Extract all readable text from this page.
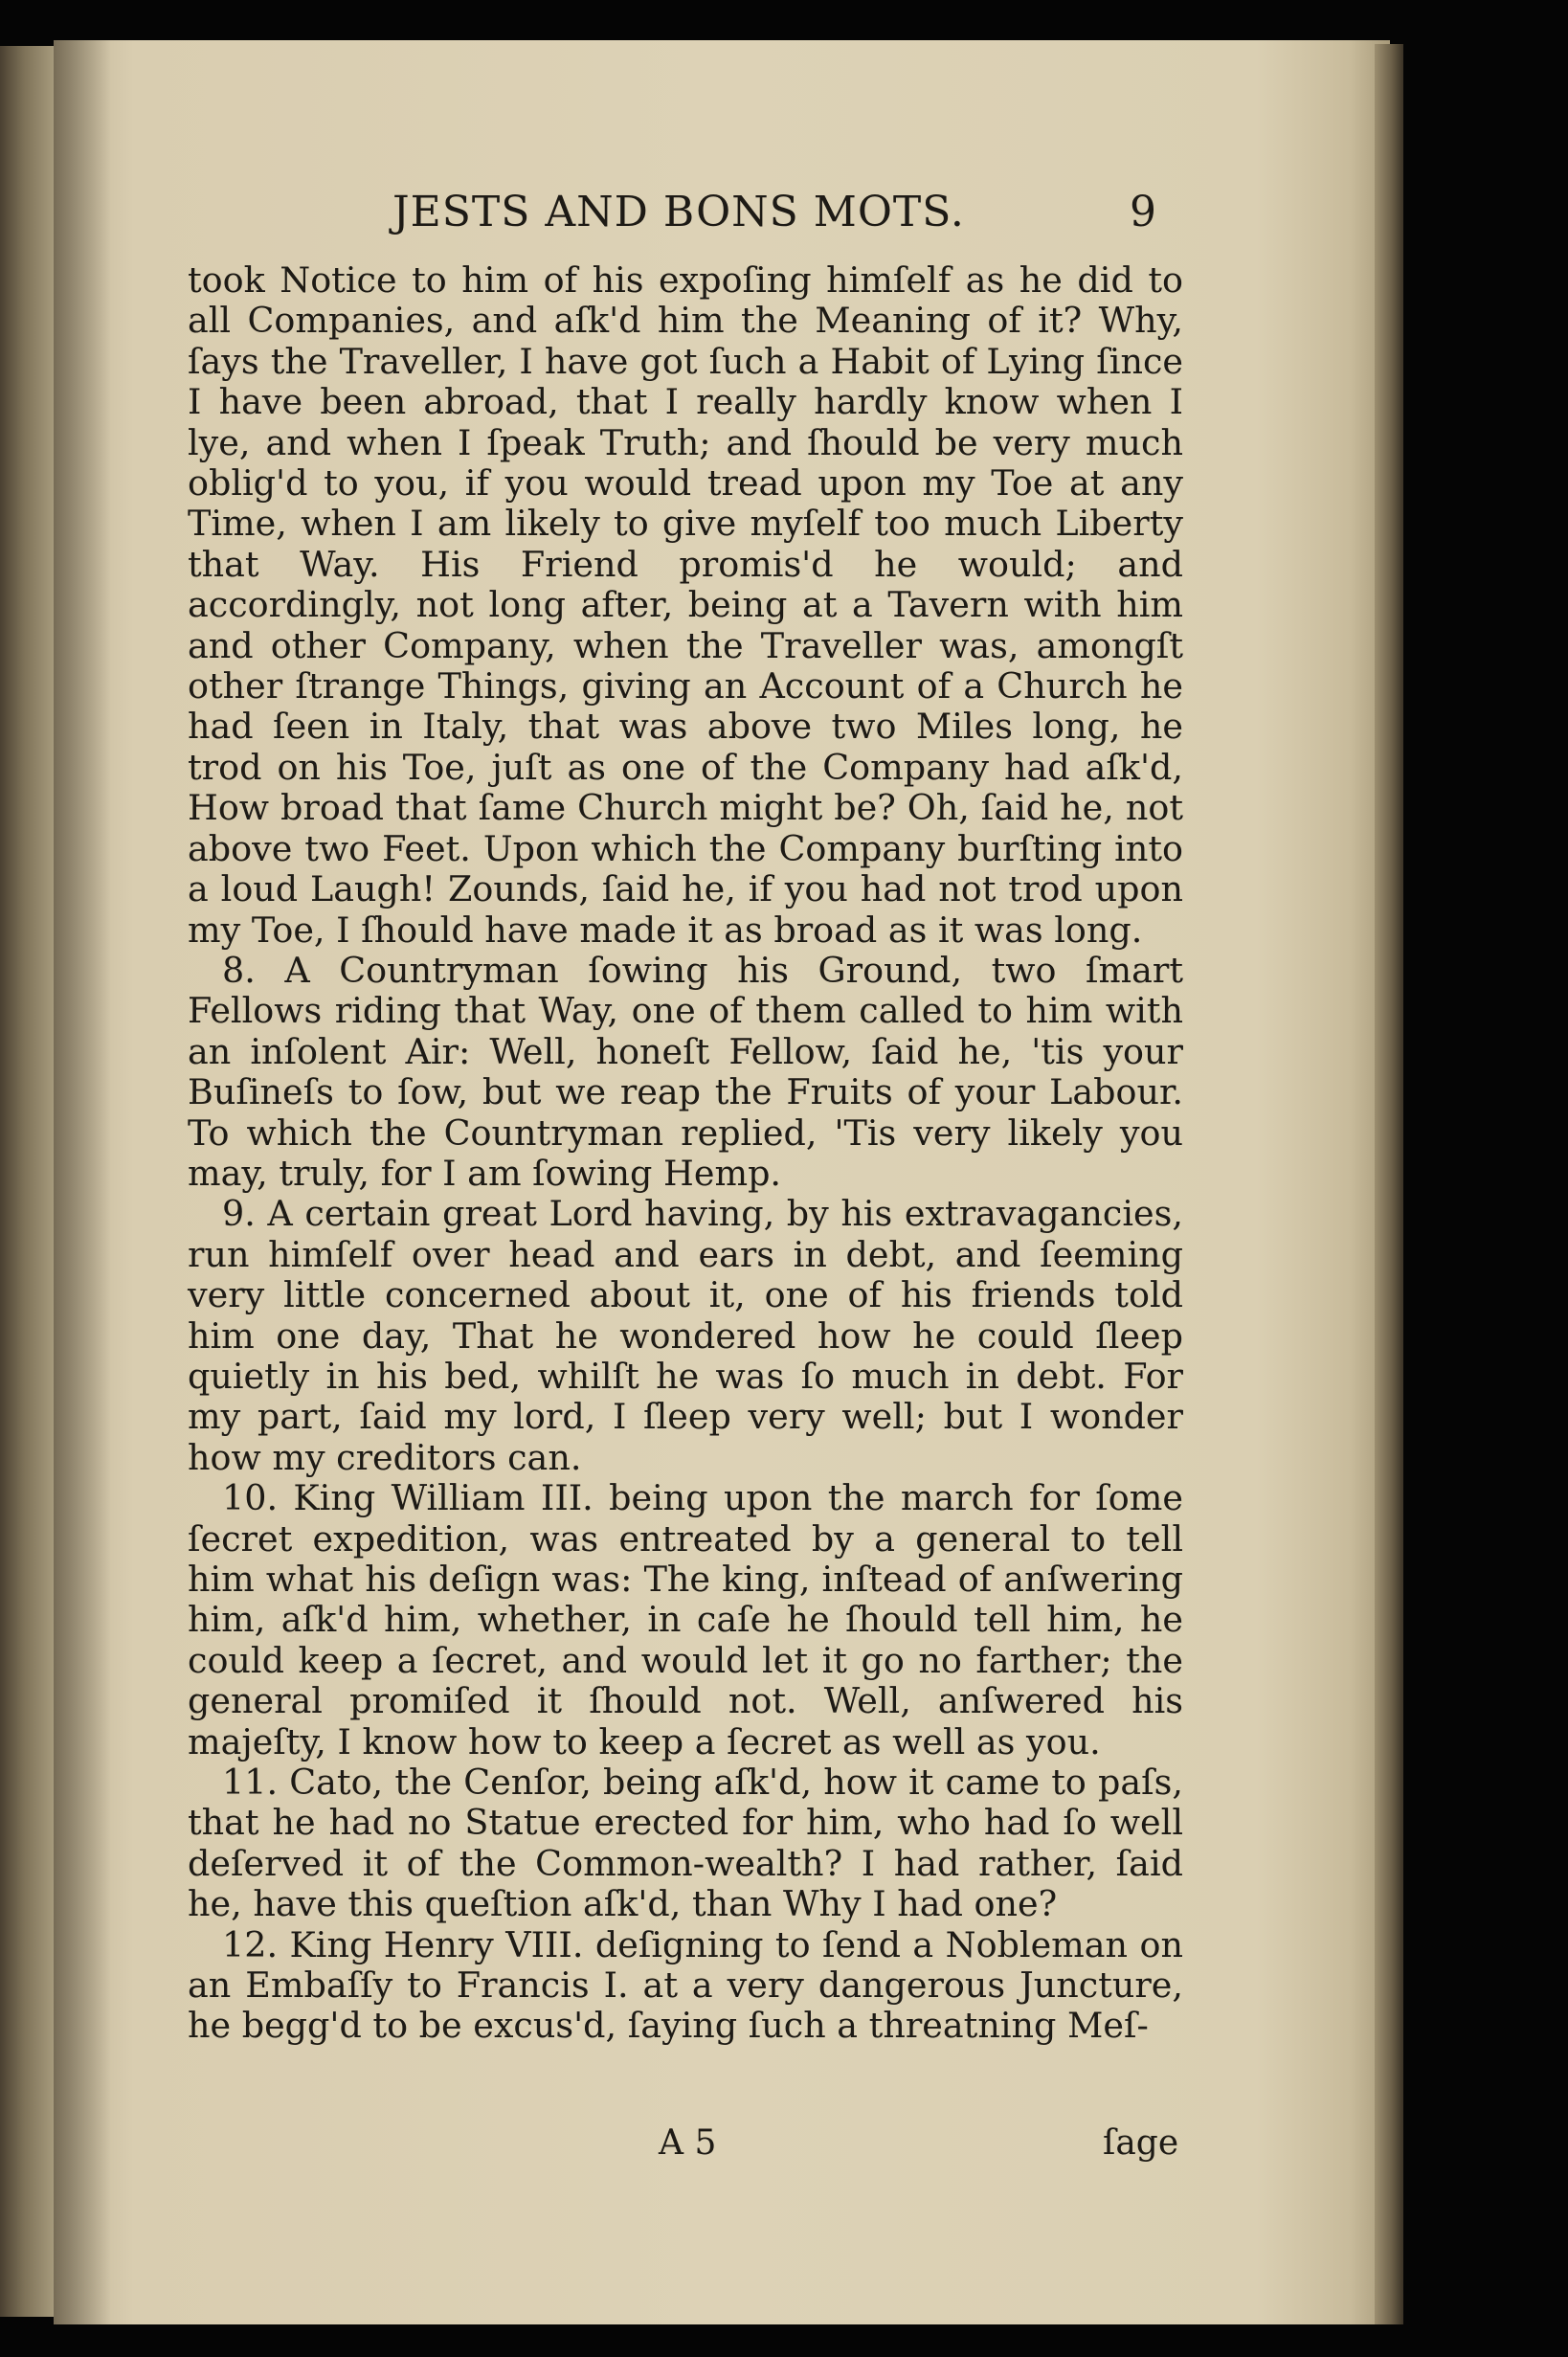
JESTS AND BONS MOTS.	9

took Notice to him of his expoſing himſelf as he did to all Companies, and aſk'd him the Meaning of it? Why, ſays the Traveller, I have got ſuch a Habit of Lying ſince I have been abroad, that I really hardly know when I lye, and when I ſpeak Truth; and ſhould be very much oblig'd to you, if you would tread upon my Toe at any Time, when I am likely to give myſelf too much Liberty that Way. His Friend promis'd he would; and accordingly, not long after, being at a Tavern with him and other Company, when the Traveller was, amongſt other ſtrange Things, giving an Account of a Church he had ſeen in Italy, that was above two Miles long, he trod on his Toe, juſt as one of the Company had aſk'd, How broad that ſame Church might be? Oh, ſaid he, not above two Feet. Upon which the Company burſting into a loud Laugh! Zounds, ſaid he, if you had not trod upon my Toe, I ſhould have made it as broad as it was long.

8. A Countryman ſowing his Ground, two ſmart Fellows riding that Way, one of them called to him with an inſolent Air: Well, honeſt Fellow, ſaid he, 'tis your Buſineſs to ſow, but we reap the Fruits of your Labour. To which the Countryman replied, 'Tis very likely you may, truly, for I am ſowing Hemp.

9. A certain great Lord having, by his extravagancies, run himſelf over head and ears in debt, and ſeeming very little concerned about it, one of his friends told him one day, That he wondered how he could ſleep quietly in his bed, whilſt he was ſo much in debt. For my part, ſaid my lord, I ſleep very well; but I wonder how my creditors can.

10. King William III. being upon the march for ſome ſecret expedition, was entreated by a general to tell him what his deſign was: The king, inſtead of anſwering him, aſk'd him, whether, in caſe he ſhould tell him, he could keep a ſecret, and would let it go no farther; the general promiſed it ſhould not. Well, anſwered his majeſty, I know how to keep a ſecret as well as you.

11. Cato, the Cenſor, being aſk'd, how it came to paſs, that he had no Statue erected for him, who had ſo well deſerved it of the Common-wealth? I had rather, ſaid he, have this queſtion aſk'd, than Why I had one?

12. King Henry VIII. deſigning to ſend a Nobleman on an Embaſſy to Francis I. at a very dangerous Juncture, he begg'd to be excus'd, ſaying ſuch a threatning Meſ-

A 5	ſage
